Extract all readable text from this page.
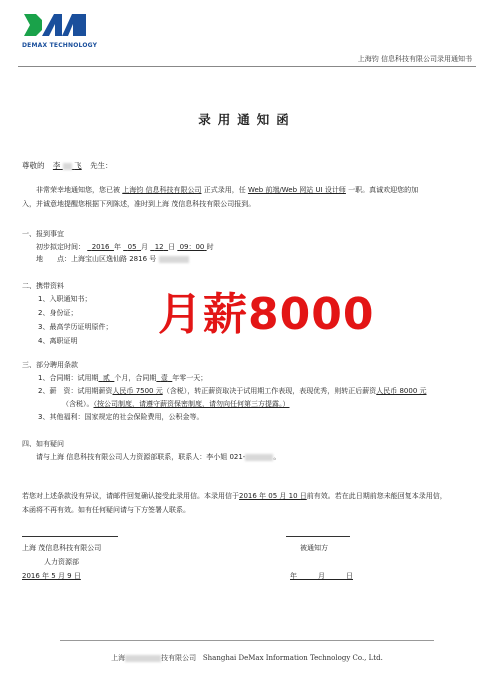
DEMAX TECHNOLOGY
上海钧 信息科技有限公司录用通知书
录用通知函
尊敬的 李 飞 先生：
非常荣幸地通知您，您已被 上海钧 信息科技有限公司 正式录用，任 Web 前端/Web 网站 UI 设计师 一职。真诚欢迎您的加
入，并诚意地提醒您根据下列陈述，准时到上海 茂信息科技有限公司报到。
一、报到事宜
初步拟定时间： 2016 年 05 月 12 日 09：00 时
地　　点：上海宝山区逸仙路 2816 号
二、携带资料
1、入职通知书；
2、身份证；
3、最高学历证明原件；
4、离职证明
月薪8000
三、部分聘用条款
1、合同期：试用期 贰 个月，合同期 壹 年零一天；
2、薪　资：试用期薪资人民币 7500 元（含税），转正薪资取决于试用期工作表现，表现优秀，则转正后薪资人民币 8000 元
（含税）。（按公司制度，请遵守薪资保密制度，请勿向任何第三方提露。）
3、其他福利：国家规定的社会保险费用，公积金等。
四、如有疑问
请与上海 信息科技有限公司人力资源部联系，联系人：李小姐 021-	。
若您对上述条款没有异议，请邮件回复确认接受此录用信。本录用信于2016 年 05 月 10 日前有效。若在此日期前您未能回复本录用信，
本函将不再有效。如有任何疑问请与下方签署人联系。
上海 茂信息科技有限公司
人力资源部
2016 年 5 月 9 日
被通知方
年　　　月　　　日
上海	技有限公司 Shanghai DeMax Information Technology Co., Ltd.
